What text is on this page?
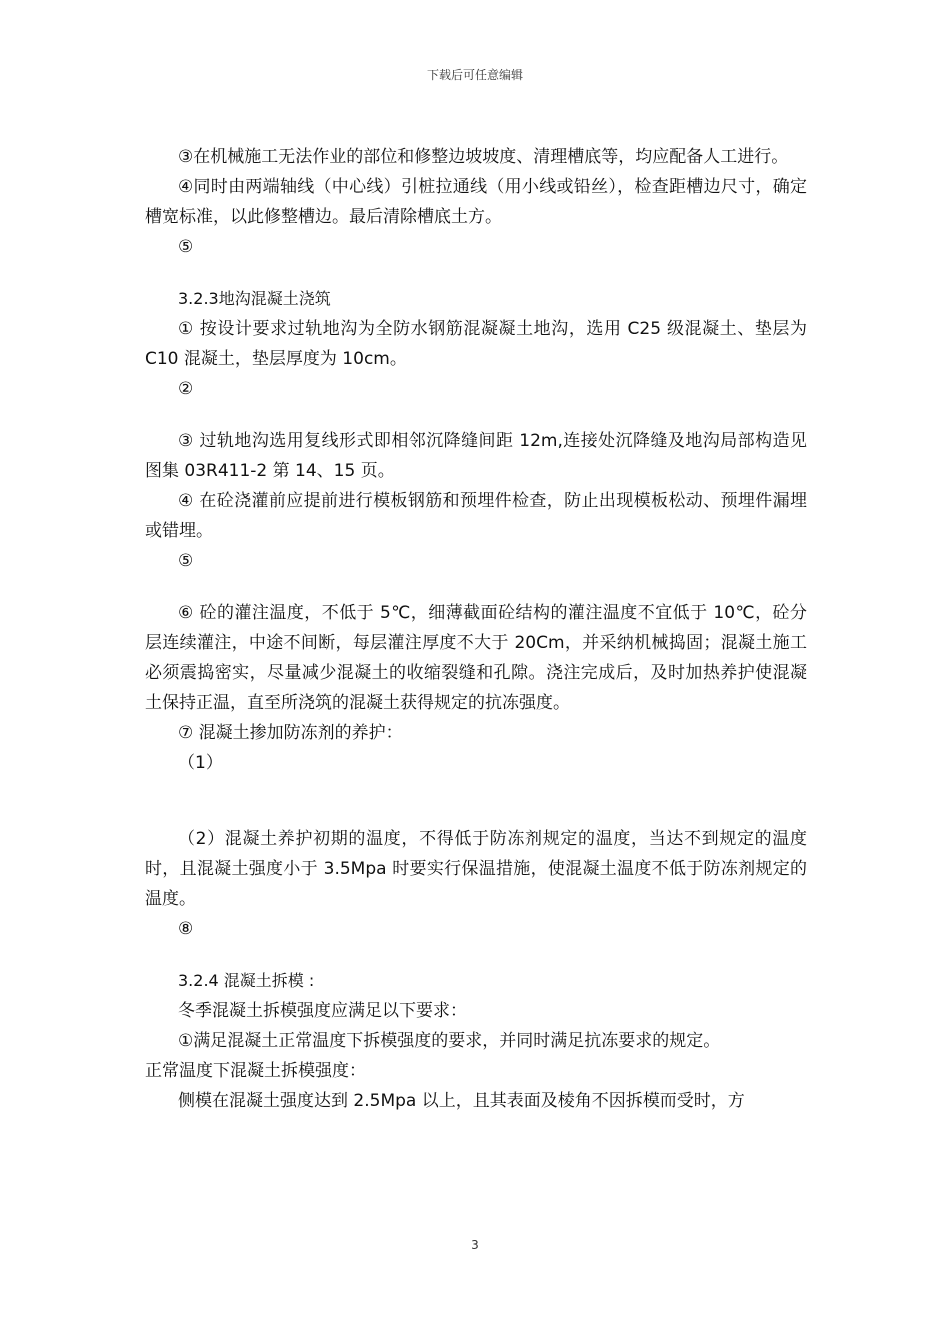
下载后可任意编辑

③在机械施工无法作业的部位和修整边坡坡度、清理槽底等，均应配备人工进行。

④同时由两端轴线（中心线）引桩拉通线（用小线或铅丝），检查距槽边尺寸，确定槽宽标准，以此修整槽边。最后清除槽底土方。

⑤

3.2.3地沟混凝土浇筑

① 按设计要求过轨地沟为全防水钢筋混凝凝土地沟，选用 C25 级混凝土、垫层为 C10 混凝土，垫层厚度为 10cm。

②

③ 过轨地沟选用复线形式即相邻沉降缝间距 12m,连接处沉降缝及地沟局部构造见图集 03R411-2 第 14、15 页。

④ 在砼浇灌前应提前进行模板钢筋和预埋件检查，防止出现模板松动、预埋件漏埋或错埋。

⑤

⑥ 砼的灌注温度，不低于 5℃，细薄截面砼结构的灌注温度不宜低于 10℃，砼分层连续灌注，中途不间断，每层灌注厚度不大于 20Cm，并采纳机械捣固；混凝土施工必须震捣密实，尽量减少混凝土的收缩裂缝和孔隙。浇注完成后，及时加热养护使混凝土保持正温，直至所浇筑的混凝土获得规定的抗冻强度。

⑦ 混凝土掺加防冻剂的养护：

（1）

（2）混凝土养护初期的温度，不得低于防冻剂规定的温度，当达不到规定的温度时，且混凝土强度小于 3.5Mpa 时要实行保温措施，使混凝土温度不低于防冻剂规定的温度。

⑧

3.2.4 混凝土拆模 :

冬季混凝土拆模强度应满足以下要求：

①满足混凝土正常温度下拆模强度的要求，并同时满足抗冻要求的规定。

正常温度下混凝土拆模强度：

侧模在混凝土强度达到 2.5Mpa 以上，且其表面及棱角不因拆模而受时，方

3
